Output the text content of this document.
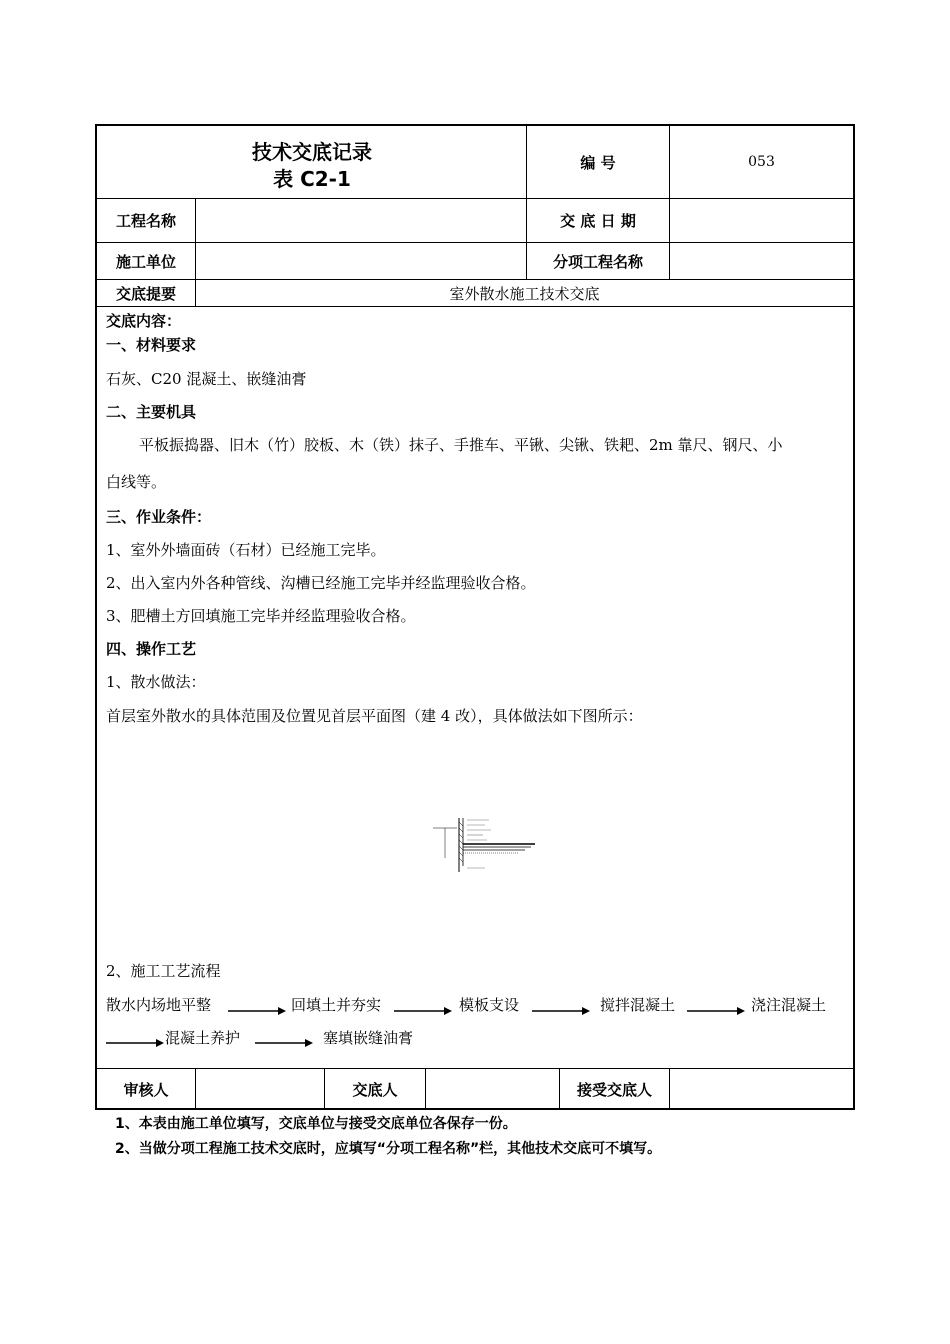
技术交底记录
表 C2-1
编 号	053
工程名称	交 底 日 期
施工单位	分项工程名称
交底提要	室外散水施工技术交底
交底内容：
一、材料要求
石灰、C20 混凝土、嵌缝油膏
二、主要机具
平板振捣器、旧木（竹）胶板、木（铁）抹子、手推车、平锹、尖锹、铁耙、2m 靠尺、钢尺、小
白线等。
三、作业条件：
1、室外外墙面砖（石材）已经施工完毕。
2、出入室内外各种管线、沟槽已经施工完毕并经监理验收合格。
3、肥槽土方回填施工完毕并经监理验收合格。
四、操作工艺
1、散水做法：
首层室外散水的具体范围及位置见首层平面图（建 4 改），具体做法如下图所示：
2、施工工艺流程
散水内场地平整	回填土并夯实	模板支设	搅拌混凝土	浇注混凝土
混凝土养护	塞填嵌缝油膏
审核人	交底人	接受交底人
1、本表由施工单位填写，交底单位与接受交底单位各保存一份。
2、当做分项工程施工技术交底时，应填写“分项工程名称”栏，其他技术交底可不填写。
